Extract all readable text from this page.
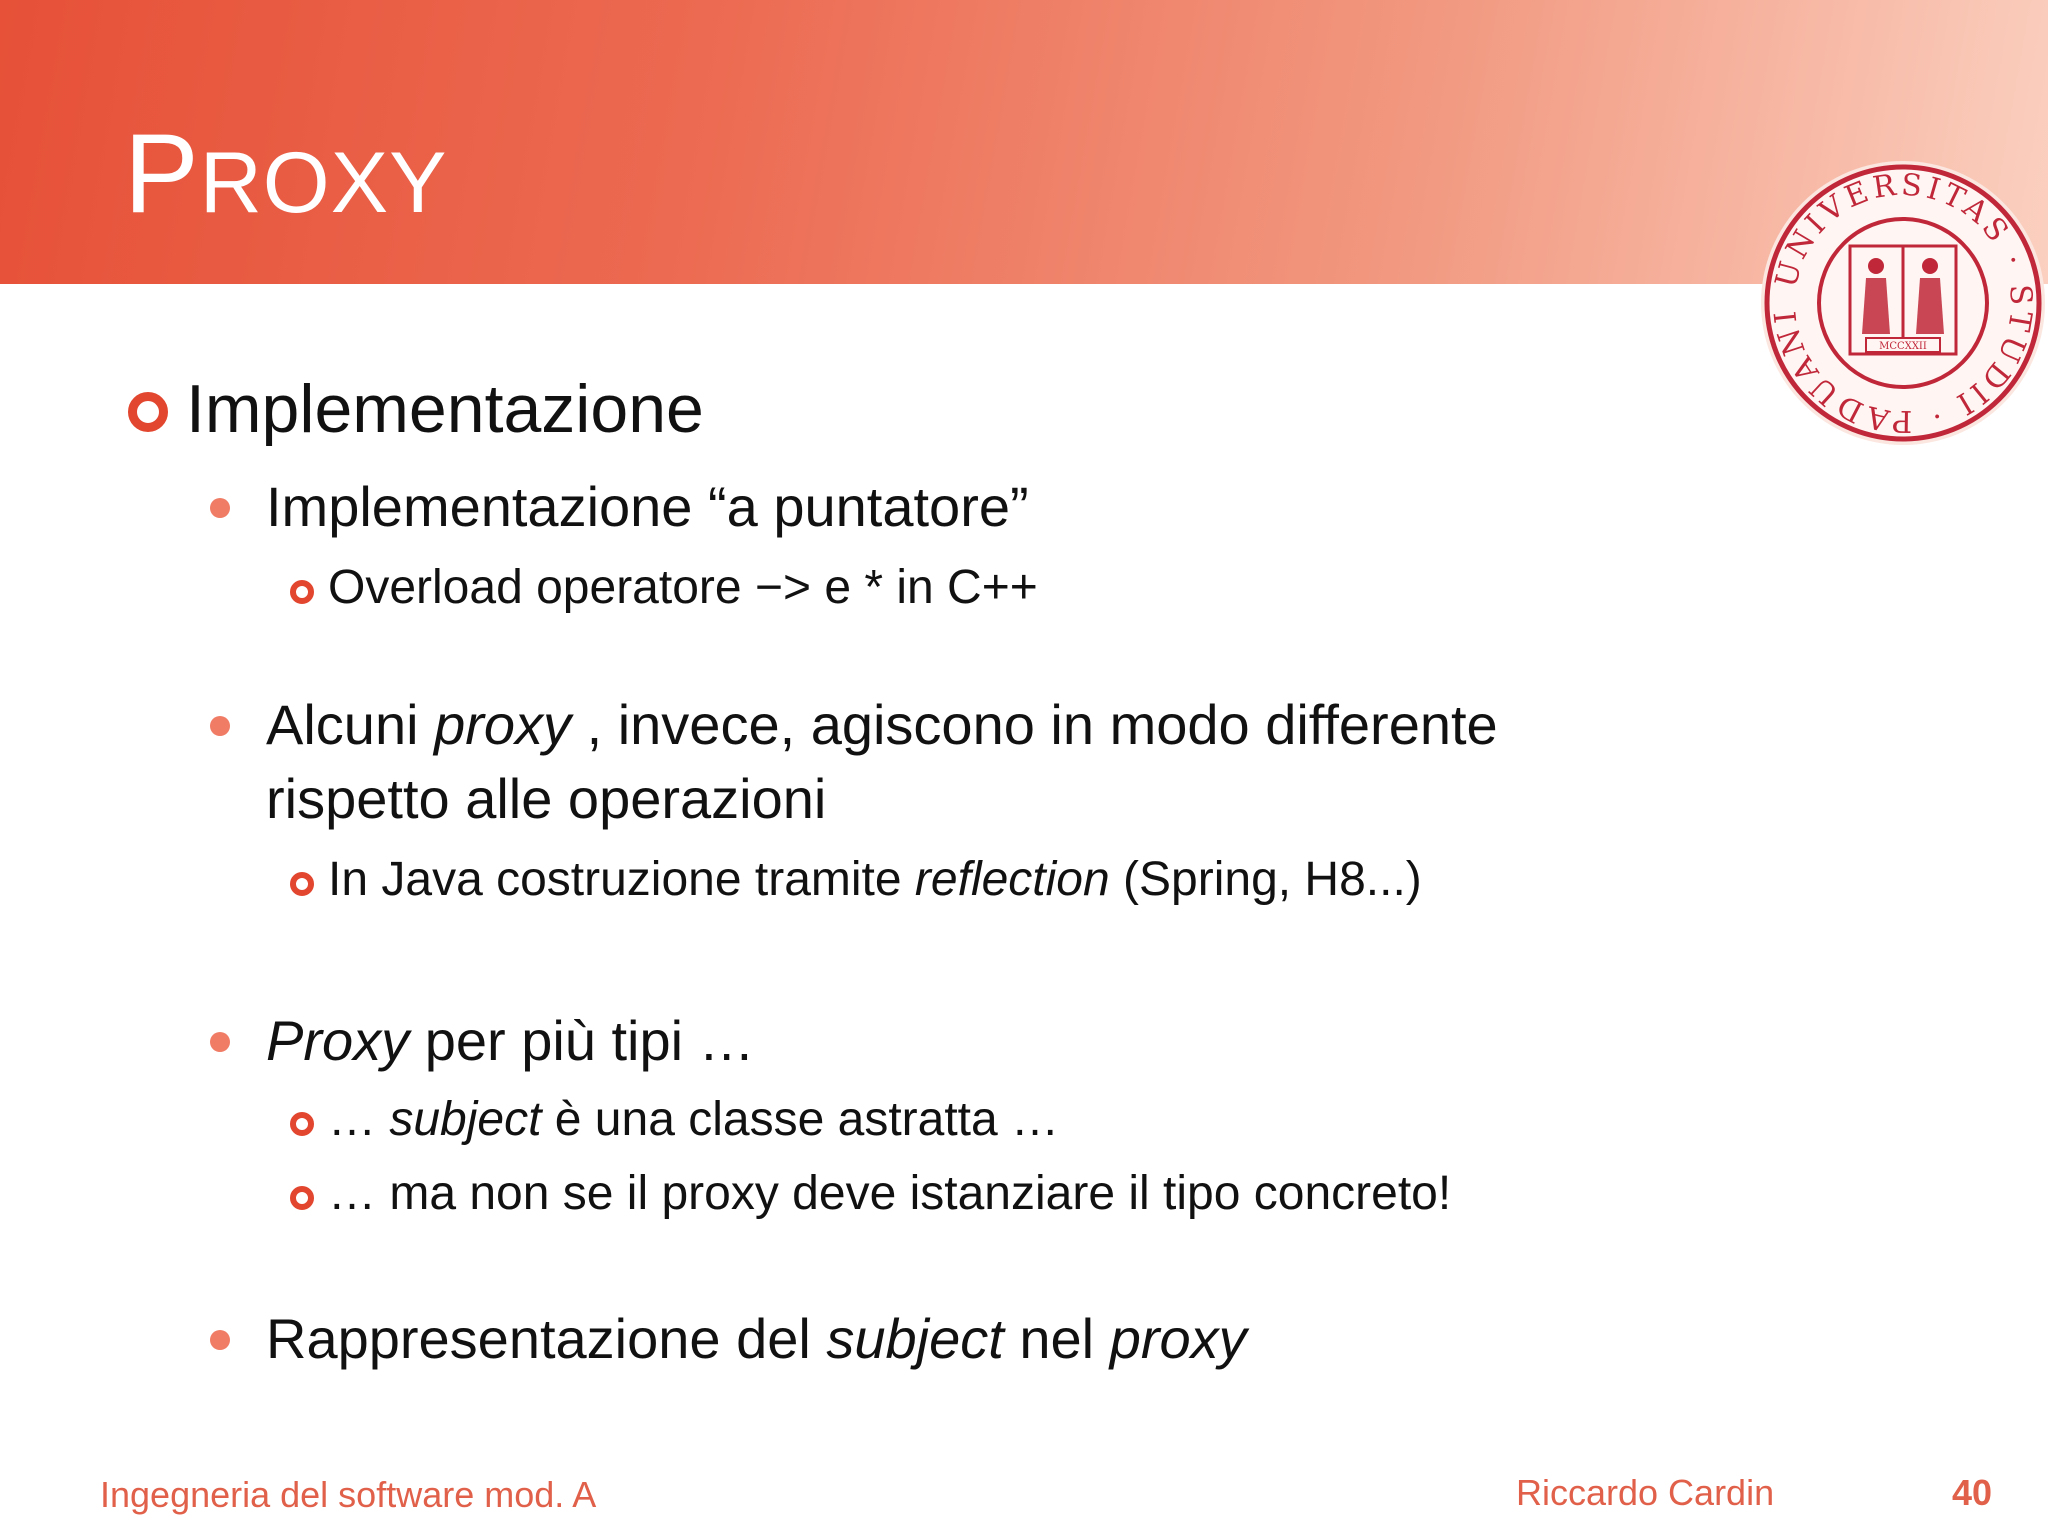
PROXY
UNIVERSITAS · STUDII · PADUANI
MCCXXII
Implementazione
Implementazione “a puntatore”
Overload operatore −> e * in C++
Alcuni proxy , invece, agiscono in modo differente
rispetto alle operazioni
In Java costruzione tramite reflection (Spring, H8...)
Proxy per più tipi …
… subject è una classe astratta …
… ma non se il proxy deve istanziare il tipo concreto!
Rappresentazione del subject nel proxy
Ingegneria del software mod. A	Riccardo Cardin	40
